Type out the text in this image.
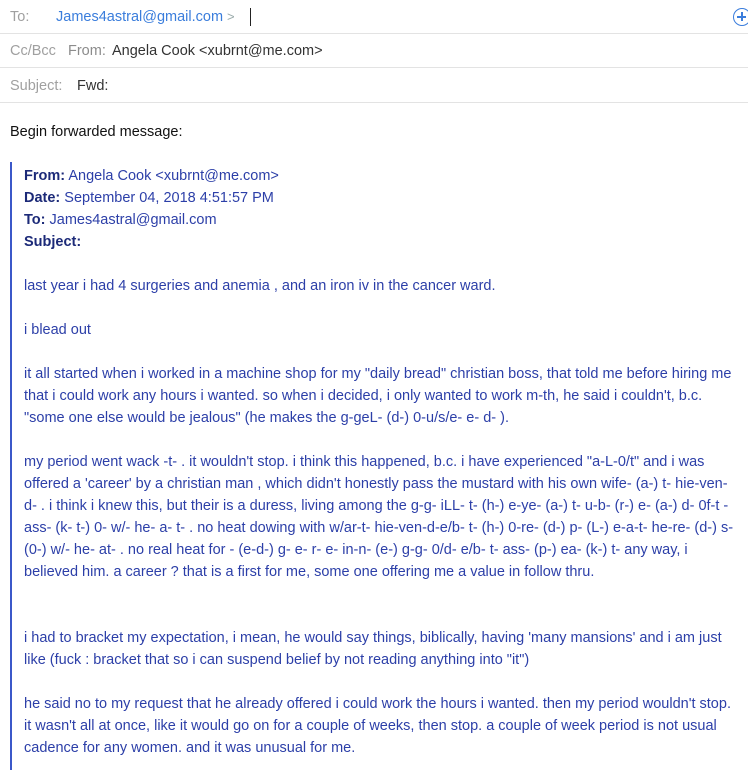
To: James4astral@gmail.com >
Cc/Bcc From: Angela Cook <xubrnt@me.com>
Subject: Fwd:
Begin forwarded message:
From: Angela Cook <xubrnt@me.com>
Date: September 04, 2018 4:51:57 PM
To: James4astral@gmail.com
Subject:
last year i had 4 surgeries and anemia , and an iron iv in the cancer ward.
i blead out
it all started when i worked in a machine shop for my "daily bread" christian boss, that told me before hiring me that i could work any hours i wanted. so when i decided, i only wanted to work m-th, he said i couldn't, b.c. "some one else would be jealous" (he makes the g-geL- (d-) 0-u/s/e- e- d- ).
my period went wack -t- . it wouldn't stop. i think this happened, b.c. i have experienced "a-L-0/t" and i was offered a 'career' by a christian man , which didn't honestly pass the mustard with his own wife- (a-) t- hie-ven-d- . i think i knew this, but their is a duress, living among the g-g- iLL- t- (h-) e-ye- (a-) t- u-b- (r-) e- (a-) d- 0f-t -ass- (k- t-) 0- w/- he- a- t- . no heat dowing with w/ar-t- hie-ven-d-e/b- t- (h-) 0-re- (d-) p- (L-) e-a-t- he-re- (d-) s- (0-) w/- he- at- . no real heat for - (e-d-) g- e- r- e- in-n- (e-) g-g- 0/d- e/b- t- ass- (p-) ea- (k-) t- any way, i believed him. a career ? that is a first for me, some one offering me a value in follow thru.
i had to bracket my expectation, i mean, he would say things, biblically, having 'many mansions' and i am just like (fuck : bracket that so i can suspend belief by not reading anything into "it")
he said no to my request that he already offered i could work the hours i wanted. then my period wouldn't stop. it wasn't all at once, like it would go on for a couple of weeks, then stop. a couple of week period is not usual cadence for any women. and it was unusual for me.
